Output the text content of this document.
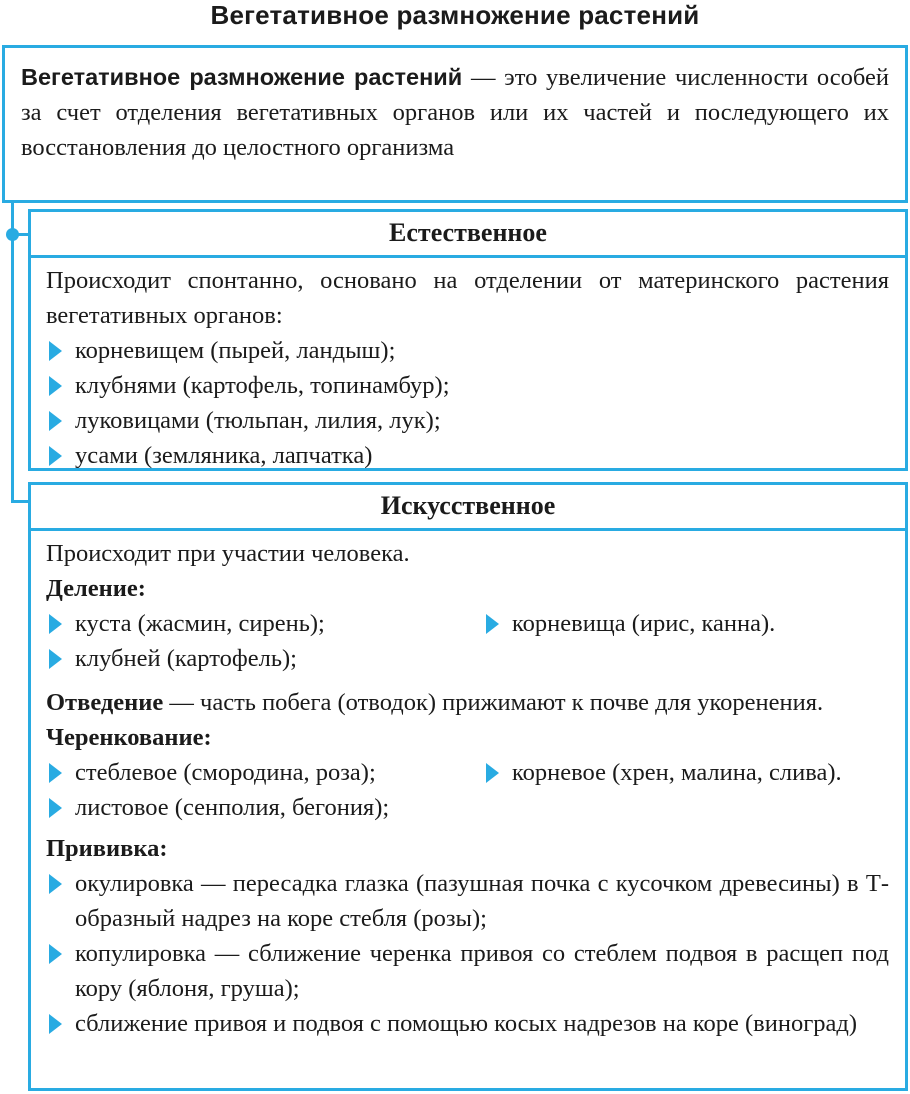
Вегетативное размножение растений

Вегетативное размножение растений — это увеличение численности особей за счет отделения вегетативных органов или их частей и последующего их восстановления до целостного организма

Естественное

Происходит спонтанно, основано на отделении от материнского растения вегетативных органов:

корневищем (пырей, ландыш);
клубнями (картофель, топинамбур);
луковицами (тюльпан, лилия, лук);
усами (земляника, лапчатка)
Искусственное

Происходит при участии человека.

Деление:

куста (жасмин, сирень);	корневища (ирис, канна).
клубней (картофель);

Отведение — часть побега (отводок) прижимают к почве для укоренения.

Черенкование:

стеблевое (смородина, роза);	корневое (хрен, малина, слива).
листовое (сенполия, бегония);

Прививка:

окулировка — пересадка глазка (пазушная почка с кусочком древесины) в Т-образный надрез на коре стебля (розы);
копулировка — сближение черенка привоя со стеблем подвоя в расщеп под кору (яблоня, груша);
сближение привоя и подвоя с помощью косых надрезов на коре (виноград)
